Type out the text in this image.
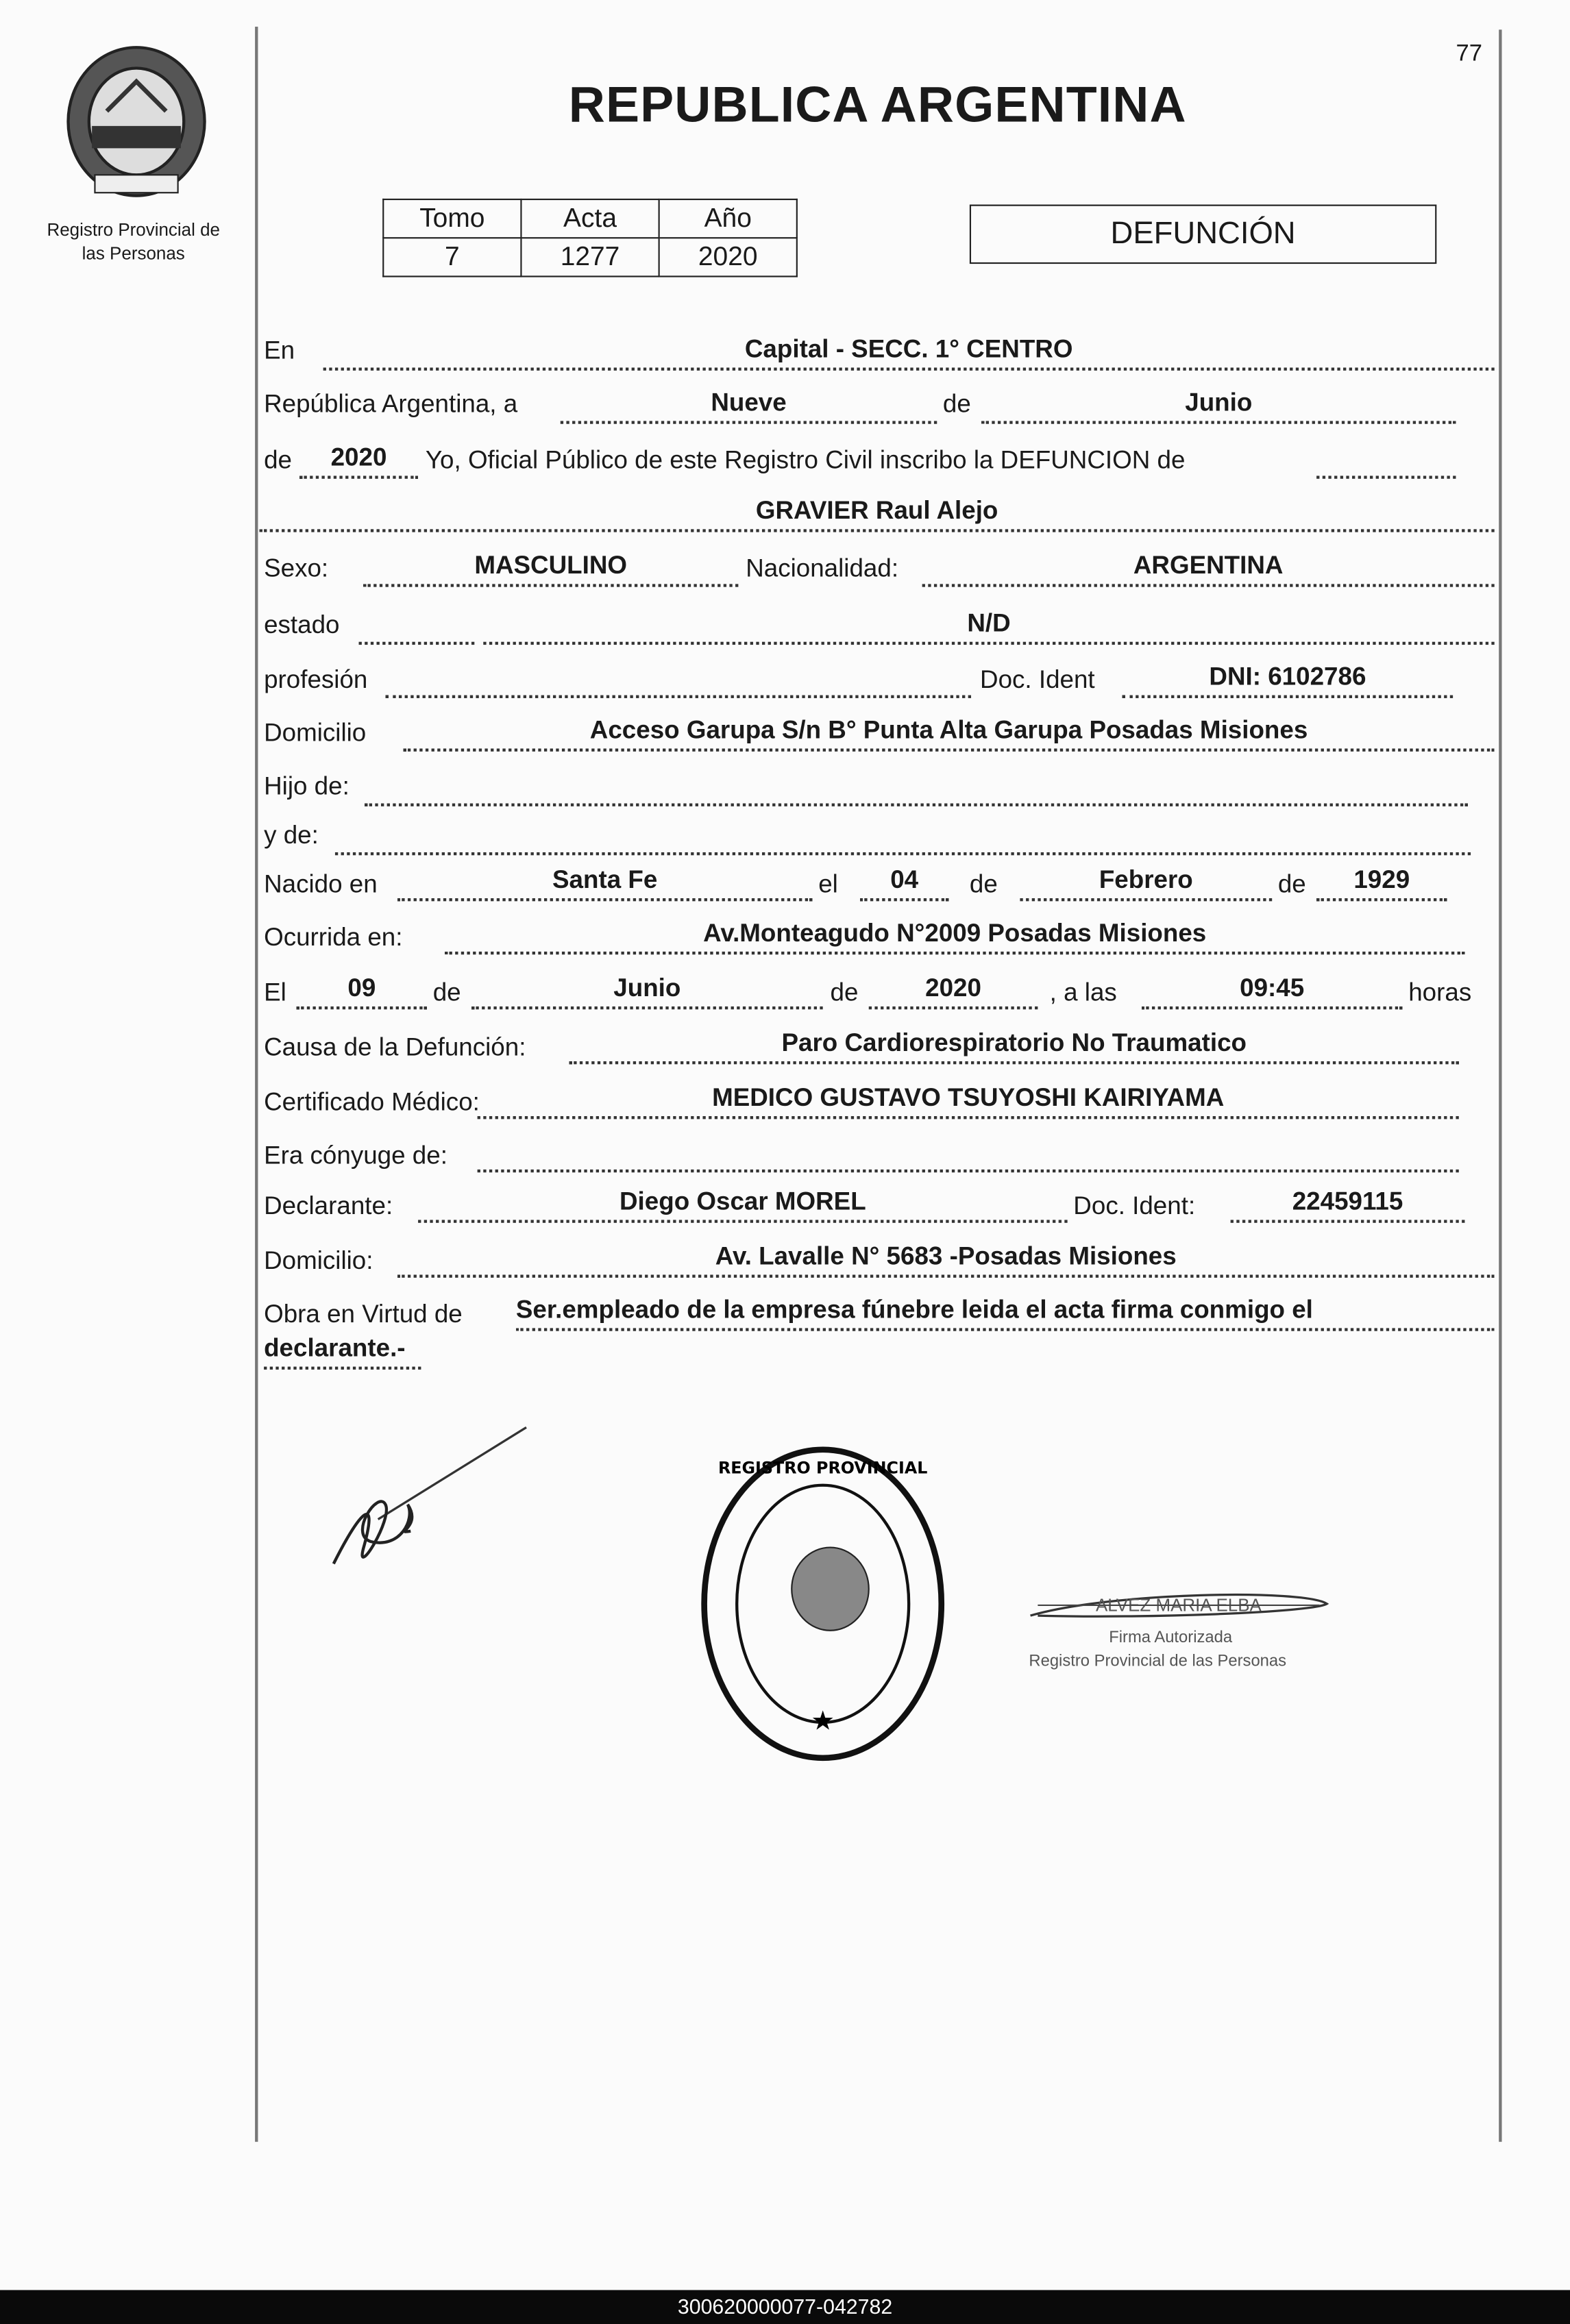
Registro Provincial de
las Personas
77
REPUBLICA ARGENTINA
Tomo	Acta	Año
7	1277	2020
DEFUNCIÓN
En	Capital - SECC. 1° CENTRO
República Argentina, a	Nueve	de	Junio
de	2020	Yo, Oficial Público de este Registro Civil inscribo la DEFUNCION de
GRAVIER Raul Alejo
Sexo:	MASCULINO	Nacionalidad:	ARGENTINA
estado	N/D
profesión	Doc. Ident	DNI: 6102786
Domicilio	Acceso Garupa S/n B° Punta Alta Garupa Posadas Misiones
Hijo de:
y de:
Nacido en	Santa Fe	el	04	de	Febrero	de	1929
Ocurrida en:	Av.Monteagudo N°2009 Posadas Misiones
El	09	de	Junio	de	2020	, a las	09:45	horas
Causa de la Defunción:	Paro Cardiorespiratorio No Traumatico
Certificado Médico:	MEDICO GUSTAVO TSUYOSHI KAIRIYAMA
Era cónyuge de:
Declarante:	Diego Oscar MOREL	Doc. Ident:	22459115
Domicilio:	Av. Lavalle N° 5683 -Posadas Misiones
Obra en Virtud de	Ser.empleado de la empresa fúnebre leida el acta firma conmigo el
declarante.-
★
REGISTRO PROVINCIAL
ALVEZ MARIA ELBA
Firma Autorizada
Registro Provincial de las Personas
300620000077-042782
